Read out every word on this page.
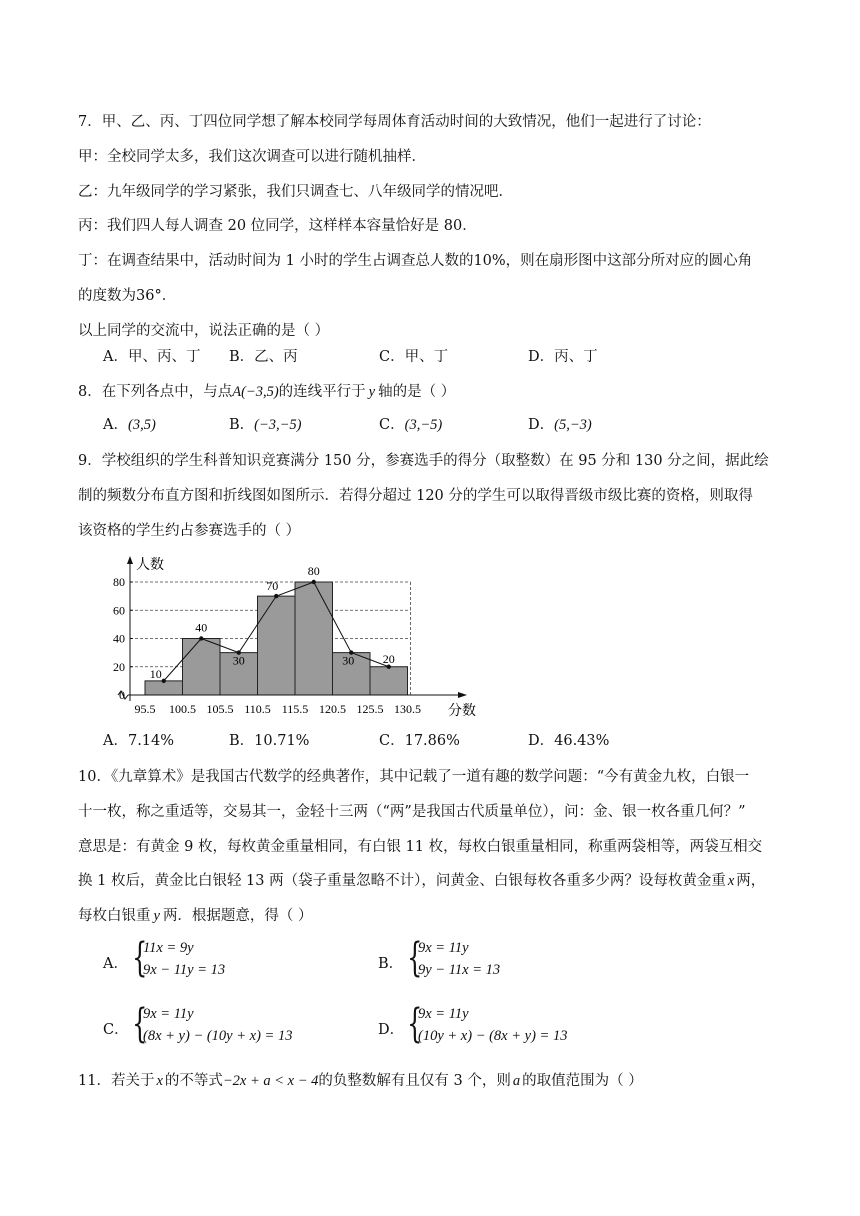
7．甲、乙、丙、丁四位同学想了解本校同学每周体育活动时间的大致情况，他们一起进行了讨论：
甲：全校同学太多，我们这次调查可以进行随机抽样．
乙：九年级同学的学习紧张，我们只调查七、八年级同学的情况吧．
丙：我们四人每人调查 20 位同学，这样样本容量恰好是 80．
丁：在调查结果中，活动时间为 1 小时的学生占调查总人数的10%，则在扇形图中这部分所对应的圆心角
的度数为36°．
以上同学的交流中，说法正确的是（ ）
A．甲、丙、丁 B．乙、丙	C．甲、丁	D．丙、丁
8．在下列各点中，与点A(−3,5)的连线平行于 y 轴的是（ ）
A．(3,5)	B．(−3,−5)	C．(3,−5)	D．(5,−3)
9．学校组织的学生科普知识竞赛满分 150 分，参赛选手的得分（取整数）在 95 分和 130 分之间，据此绘
制的频数分布直方图和折线图如图所示．若得分超过 120 分的学生可以取得晋级市级比赛的资格，则取得
该资格的学生约占参赛选手的（ ）
0
20
40
60
80
95.5 100.5 105.5 110.5 115.5 120.5 125.5 130.5
人数
分数
10
40
30
70
80
30 20
A．7.14%	B．10.71%	C．17.86%	D．46.43%
10．《九章算术》是我国古代数学的经典著作，其中记载了一道有趣的数学问题：“今有黄金九枚，白银一
十一枚，称之重适等，交易其一，金轻十三两（“两”是我国古代质量单位），问：金、银一枚各重几何？”
意思是：有黄金 9 枚，每枚黄金重量相同，有白银 11 枚，每枚白银重量相同，称重两袋相等，两袋互相交
换 1 枚后，黄金比白银轻 13 两（袋子重量忽略不计），问黄金、白银每枚各重多少两？设每枚黄金重 x 两，
每枚白银重 y 两．根据题意，得（ ）
A． {
11x = 9y
9x − 11y = 13	B． {
9x = 11y
9y − 11x = 13
C． {
9x = 11y
(8x + y) − (10y + x) = 13	D． {
9x = 11y
(10y + x) − (8x + y) = 13
11．若关于 x 的不等式−2x + a < x − 4的负整数解有且仅有 3 个，则 a 的取值范围为（ ）
